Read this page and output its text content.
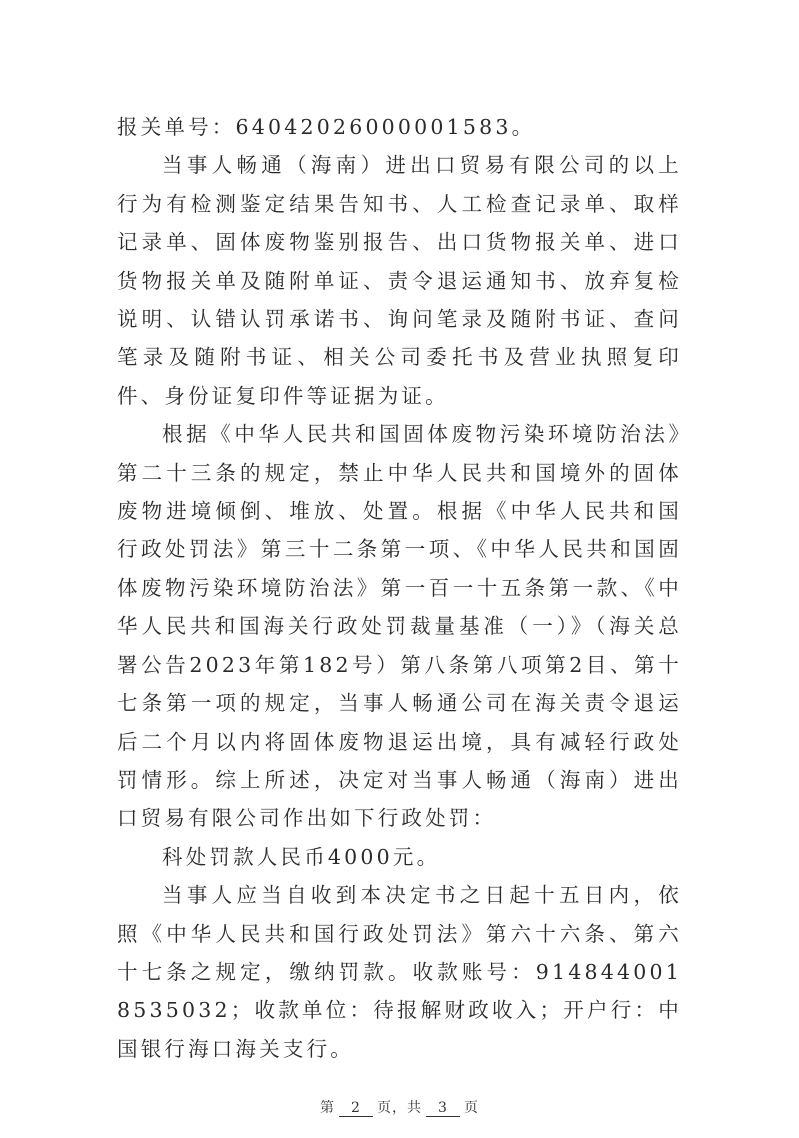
报关单号：64042026000001583。

当事人畅通（海南）进出口贸易有限公司的以上行为有检测鉴定结果告知书、人工检查记录单、取样记录单、固体废物鉴别报告、出口货物报关单、进口货物报关单及随附单证、责令退运通知书、放弃复检说明、认错认罚承诺书、询问笔录及随附书证、查问笔录及随附书证、相关公司委托书及营业执照复印件、身份证复印件等证据为证。

根据《中华人民共和国固体废物污染环境防治法》第二十三条的规定，禁止中华人民共和国境外的固体废物进境倾倒、堆放、处置。根据《中华人民共和国行政处罚法》第三十二条第一项、《中华人民共和国固体废物污染环境防治法》第一百一十五条第一款、《中华人民共和国海关行政处罚裁量基准（一）》（海关总署公告2023年第182号）第八条第八项第2目、第十七条第一项的规定，当事人畅通公司在海关责令退运后二个月以内将固体废物退运出境，具有减轻行政处罚情形。综上所述，决定对当事人畅通（海南）进出口贸易有限公司作出如下行政处罚：

科处罚款人民币4000元。

当事人应当自收到本决定书之日起十五日内，依照《中华人民共和国行政处罚法》第六十六条、第六十七条之规定，缴纳罚款。收款账号：9148440018535032；收款单位：待报解财政收入；开户行：中国银行海口海关支行。

第 2 页，共 3 页
